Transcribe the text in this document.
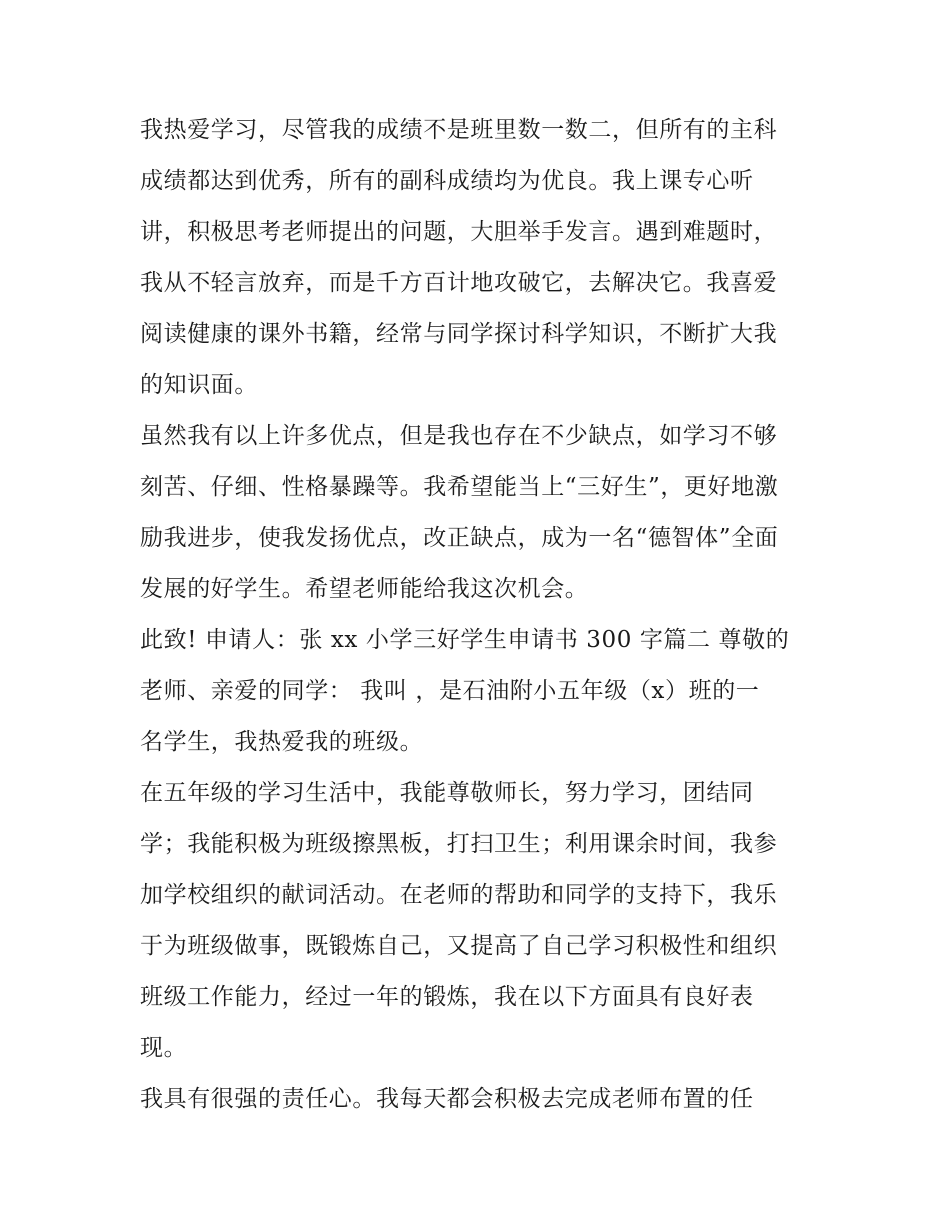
我热爱学习，尽管我的成绩不是班里数一数二，但所有的主科
成绩都达到优秀，所有的副科成绩均为优良。我上课专心听
讲，积极思考老师提出的问题，大胆举手发言。遇到难题时，
我从不轻言放弃，而是千方百计地攻破它，去解决它。我喜爱
阅读健康的课外书籍，经常与同学探讨科学知识，不断扩大我
的知识面。
虽然我有以上许多优点，但是我也存在不少缺点，如学习不够
刻苦、仔细、性格暴躁等。我希望能当上“三好生”，更好地激
励我进步，使我发扬优点，改正缺点，成为一名“德智体”全面
发展的好学生。希望老师能给我这次机会。
此致! 申请人：张 xx 小学三好学生申请书 300 字篇二 尊敬的
老师、亲爱的同学： 我叫 ，是石油附小五年级（x）班的一
名学生，我热爱我的班级。
在五年级的学习生活中，我能尊敬师长，努力学习，团结同
学；我能积极为班级擦黑板，打扫卫生；利用课余时间，我参
加学校组织的献词活动。在老师的帮助和同学的支持下，我乐
于为班级做事，既锻炼自己，又提高了自己学习积极性和组织
班级工作能力，经过一年的锻炼，我在以下方面具有良好表
现。
我具有很强的责任心。我每天都会积极去完成老师布置的任
